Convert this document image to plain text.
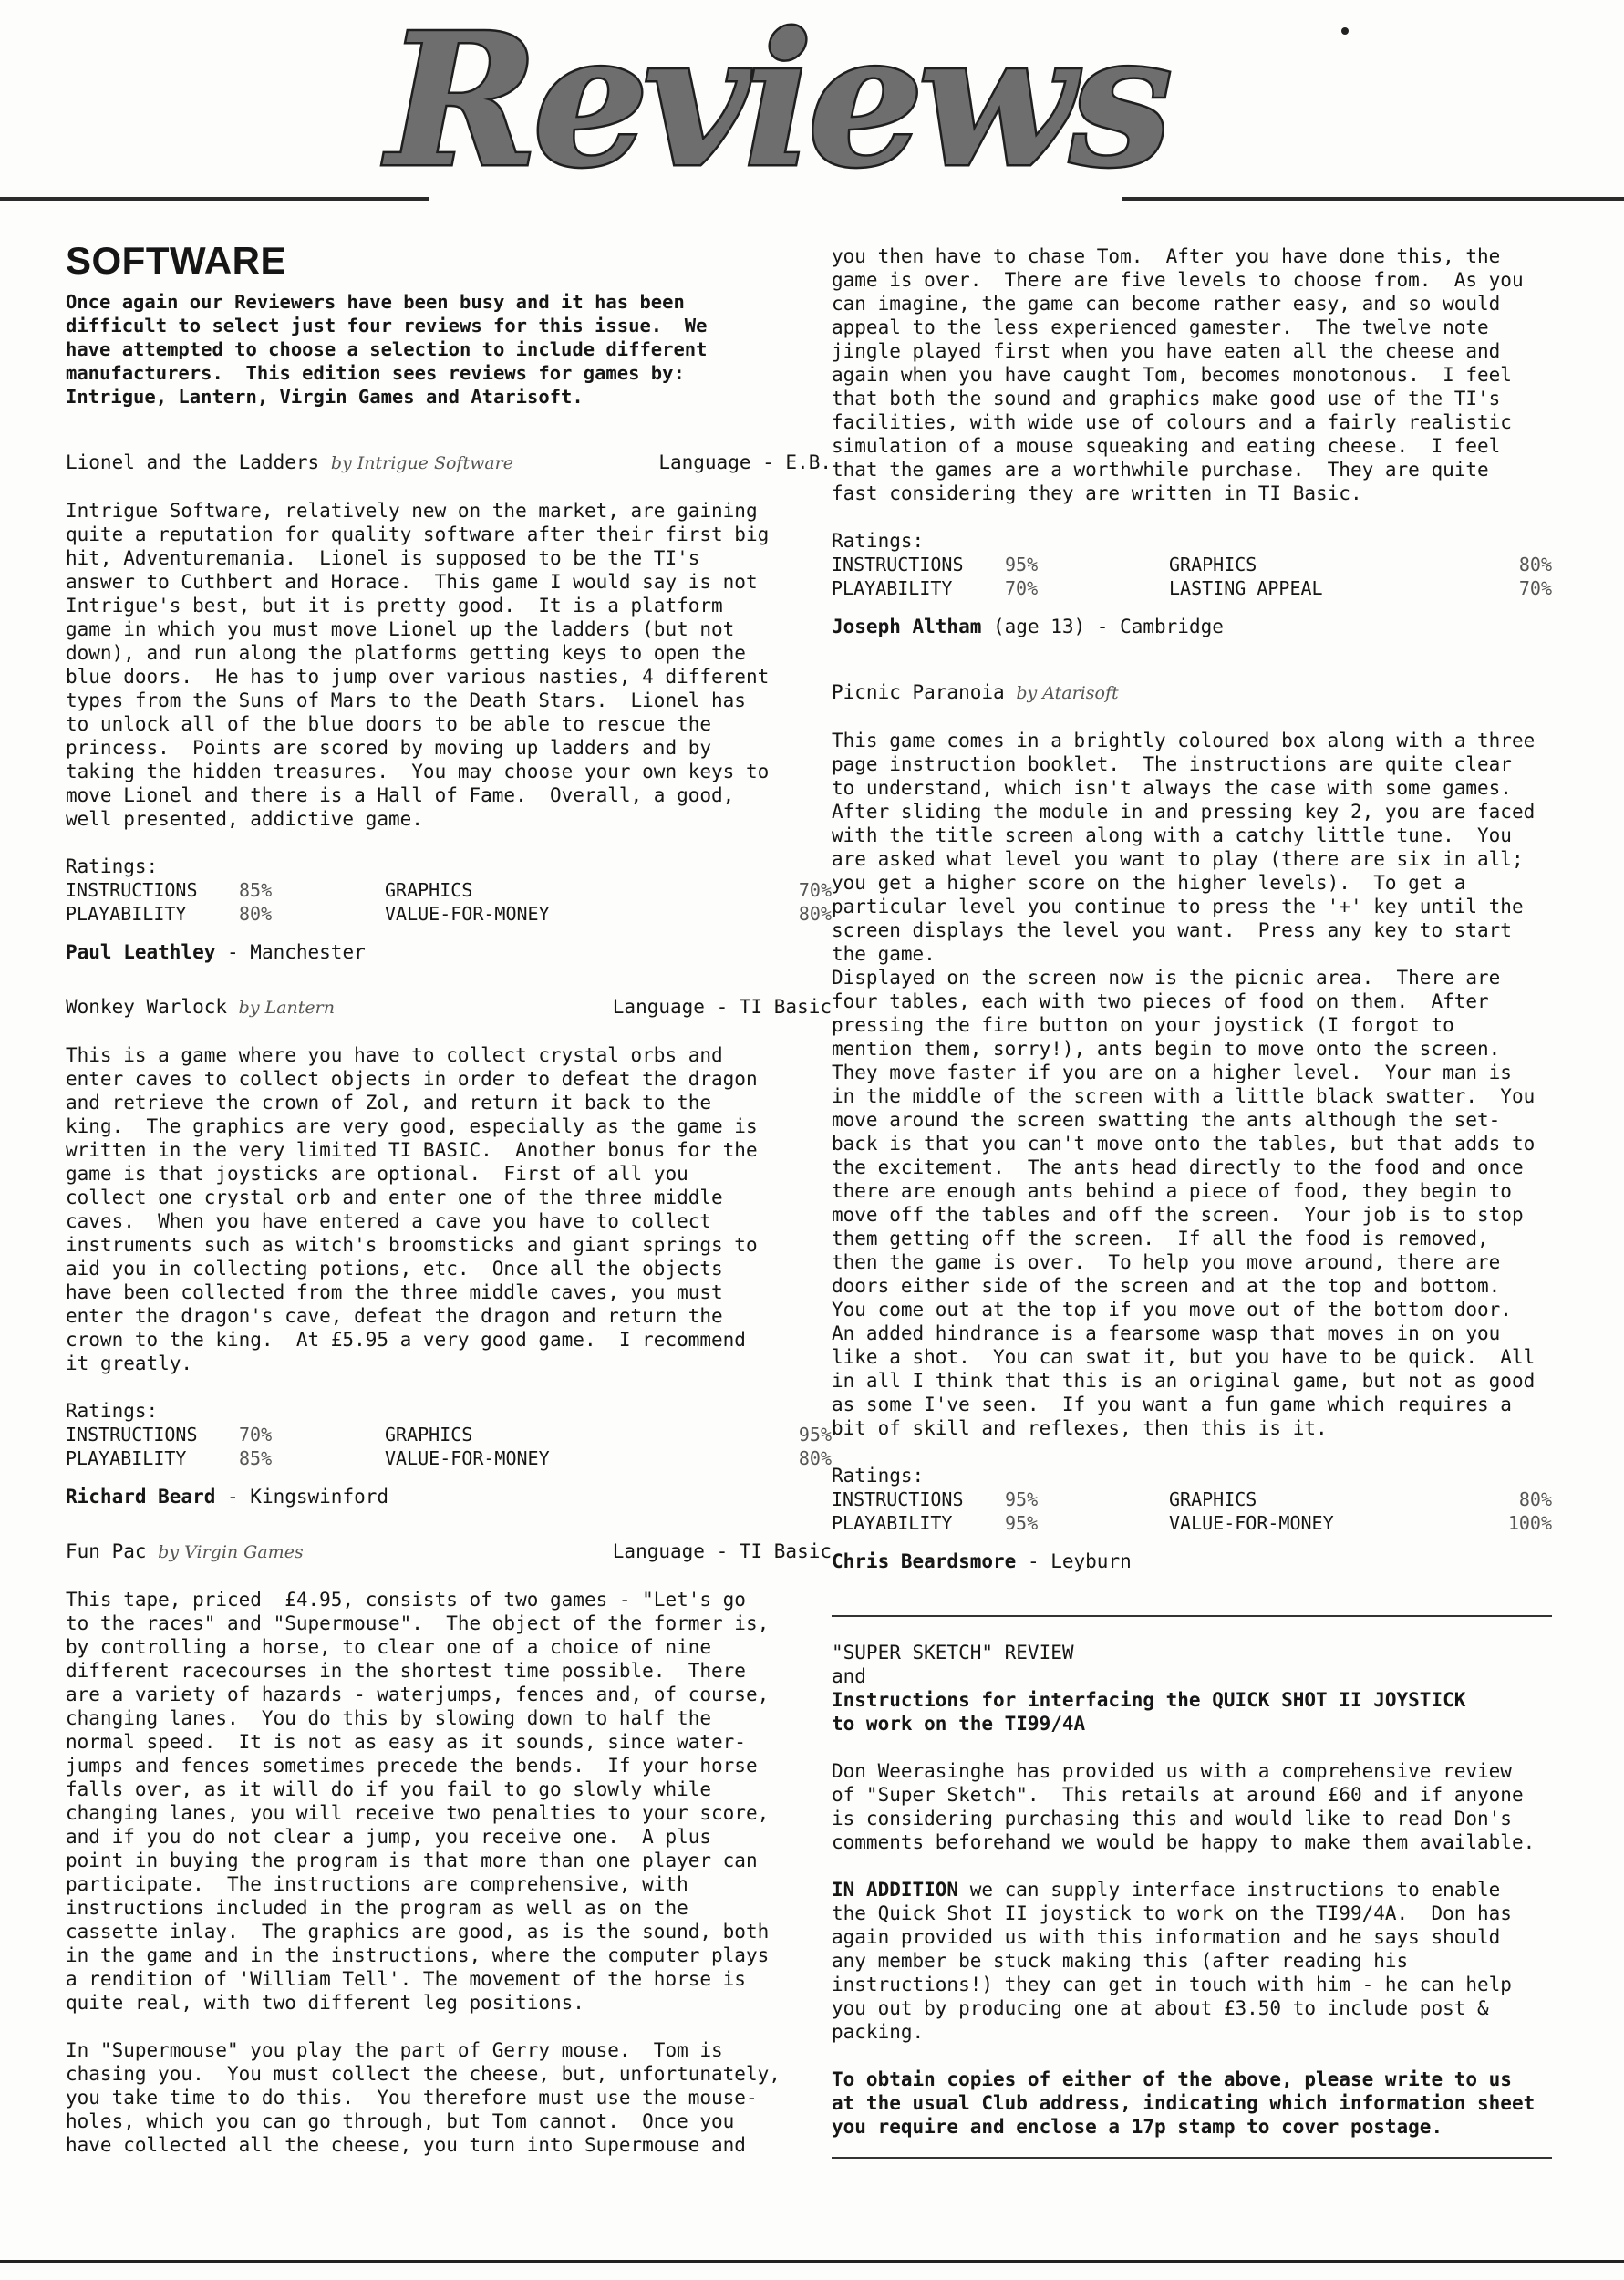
Reviews
SOFTWARE

Once again our Reviewers have been busy and it has been
difficult to select just four reviews for this issue.  We
have attempted to choose a selection to include different
manufacturers.  This edition sees reviews for games by:
Intrigue, Lantern, Virgin Games and Atarisoft.

Lionel and the Ladders by Intrigue Software	Language - E.B.

Intrigue Software, relatively new on the market, are gaining
quite a reputation for quality software after their first big
hit, Adventuremania.  Lionel is supposed to be the TI's
answer to Cuthbert and Horace.  This game I would say is not
Intrigue's best, but it is pretty good.  It is a platform
game in which you must move Lionel up the ladders (but not
down), and run along the platforms getting keys to open the
blue doors.  He has to jump over various nasties, 4 different
types from the Suns of Mars to the Death Stars.  Lionel has
to unlock all of the blue doors to be able to rescue the
princess.  Points are scored by moving up ladders and by
taking the hidden treasures.  You may choose your own keys to
move Lionel and there is a Hall of Fame.  Overall, a good,
well presented, addictive game.

Ratings:

INSTRUCTIONS	85%	GRAPHICS	70%
PLAYABILITY	80%	VALUE-FOR-MONEY	80%

Paul Leathley - Manchester

Wonkey Warlock by Lantern	Language - TI Basic

This is a game where you have to collect crystal orbs and
enter caves to collect objects in order to defeat the dragon
and retrieve the crown of Zol, and return it back to the
king.  The graphics are very good, especially as the game is
written in the very limited TI BASIC.  Another bonus for the
game is that joysticks are optional.  First of all you
collect one crystal orb and enter one of the three middle
caves.  When you have entered a cave you have to collect
instruments such as witch's broomsticks and giant springs to
aid you in collecting potions, etc.  Once all the objects
have been collected from the three middle caves, you must
enter the dragon's cave, defeat the dragon and return the
crown to the king.  At £5.95 a very good game.  I recommend
it greatly.

Ratings:

INSTRUCTIONS	70%	GRAPHICS	95%
PLAYABILITY	85%	VALUE-FOR-MONEY	80%

Richard Beard - Kingswinford

Fun Pac by Virgin Games	Language - TI Basic

This tape, priced  £4.95, consists of two games - "Let's go
to the races" and "Supermouse".  The object of the former is,
by controlling a horse, to clear one of a choice of nine
different racecourses in the shortest time possible.  There
are a variety of hazards - waterjumps, fences and, of course,
changing lanes.  You do this by slowing down to half the
normal speed.  It is not as easy as it sounds, since water-
jumps and fences sometimes precede the bends.  If your horse
falls over, as it will do if you fail to go slowly while
changing lanes, you will receive two penalties to your score,
and if you do not clear a jump, you receive one.  A plus
point in buying the program is that more than one player can
participate.  The instructions are comprehensive, with
instructions included in the program as well as on the
cassette inlay.  The graphics are good, as is the sound, both
in the game and in the instructions, where the computer plays
a rendition of 'William Tell'. The movement of the horse is
quite real, with two different leg positions.

In "Supermouse" you play the part of Gerry mouse.  Tom is
chasing you.  You must collect the cheese, but, unfortunately,
you take time to do this.  You therefore must use the mouse-
holes, which you can go through, but Tom cannot.  Once you
have collected all the cheese, you turn into Supermouse and

you then have to chase Tom.  After you have done this, the
game is over.  There are five levels to choose from.  As you
can imagine, the game can become rather easy, and so would
appeal to the less experienced gamester.  The twelve note
jingle played first when you have eaten all the cheese and
again when you have caught Tom, becomes monotonous.  I feel
that both the sound and graphics make good use of the TI's
facilities, with wide use of colours and a fairly realistic
simulation of a mouse squeaking and eating cheese.  I feel
that the games are a worthwhile purchase.  They are quite
fast considering they are written in TI Basic.

Ratings:

INSTRUCTIONS	95%	GRAPHICS	80%
PLAYABILITY	70%	LASTING APPEAL	70%

Joseph Altham (age 13) - Cambridge

Picnic Paranoia by Atarisoft

This game comes in a brightly coloured box along with a three
page instruction booklet.  The instructions are quite clear
to understand, which isn't always the case with some games.
After sliding the module in and pressing key 2, you are faced
with the title screen along with a catchy little tune.  You
are asked what level you want to play (there are six in all;
you get a higher score on the higher levels).  To get a
particular level you continue to press the '+' key until the
screen displays the level you want.  Press any key to start
the game.
Displayed on the screen now is the picnic area.  There are
four tables, each with two pieces of food on them.  After
pressing the fire button on your joystick (I forgot to
mention them, sorry!), ants begin to move onto the screen.
They move faster if you are on a higher level.  Your man is
in the middle of the screen with a little black swatter.  You
move around the screen swatting the ants although the set-
back is that you can't move onto the tables, but that adds to
the excitement.  The ants head directly to the food and once
there are enough ants behind a piece of food, they begin to
move off the tables and off the screen.  Your job is to stop
them getting off the screen.  If all the food is removed,
then the game is over.  To help you move around, there are
doors either side of the screen and at the top and bottom.
You come out at the top if you move out of the bottom door.
An added hindrance is a fearsome wasp that moves in on you
like a shot.  You can swat it, but you have to be quick.  All
in all I think that this is an original game, but not as good
as some I've seen.  If you want a fun game which requires a
bit of skill and reflexes, then this is it.

Ratings:

INSTRUCTIONS	95%	GRAPHICS	80%
PLAYABILITY	95%	VALUE-FOR-MONEY	100%

Chris Beardsmore - Leyburn

"SUPER SKETCH" REVIEW

and

Instructions for interfacing the QUICK SHOT II JOYSTICK
to work on the TI99/4A

Don Weerasinghe has provided us with a comprehensive review
of "Super Sketch".  This retails at around £60 and if anyone
is considering purchasing this and would like to read Don's
comments beforehand we would be happy to make them available.

IN ADDITION we can supply interface instructions to enable
the Quick Shot II joystick to work on the TI99/4A.  Don has
again provided us with this information and he says should
any member be stuck making this (after reading his
instructions!) they can get in touch with him - he can help
you out by producing one at about £3.50 to include post &
packing.

To obtain copies of either of the above, please write to us
at the usual Club address, indicating which information sheet
you require and enclose a 17p stamp to cover postage.
